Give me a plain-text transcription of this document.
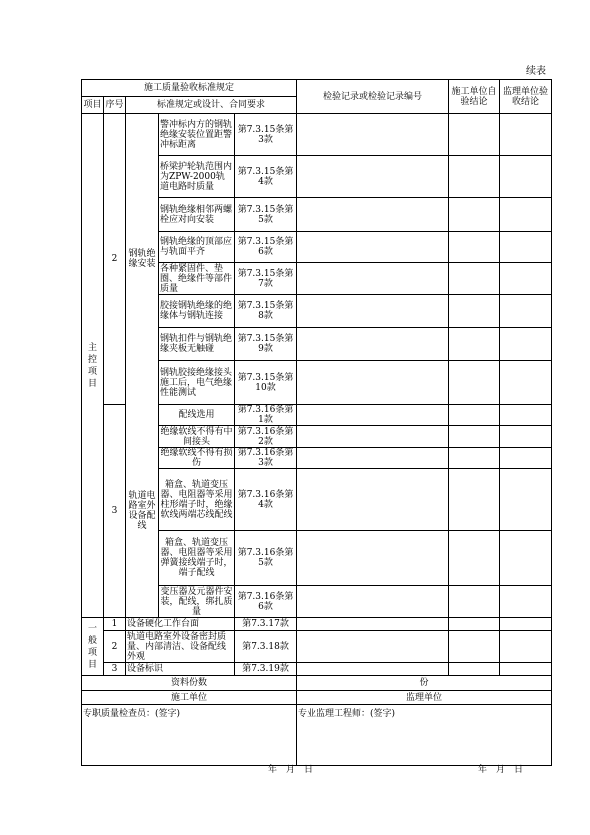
续表
施工质量验收标准规定					检验记录或检验记录编号	施工单位自验结论	监理单位验收结论
项目	序号	标准规定或设计、合同要求					
主控项目	2	钢轨绝缘安装	警冲标内方的钢轨绝缘安装位置距警冲标距离	第7.3.15条第3款			
			桥梁护轮轨范围内为ZPW-2000轨道电路时质量	第7.3.15条第4款			
			钢轨绝缘相邻两螺栓应对向安装	第7.3.15条第5款			
			钢轨绝缘的顶部应与轨面平齐	第7.3.15条第6款			
			各种紧固件、垫圈、绝缘件等部件质量	第7.3.15条第7款			
			胶接钢轨绝缘的绝缘体与钢轨连接	第7.3.15条第8款			
			钢轨扣件与钢轨绝缘夹板无触碰	第7.3.15条第9款			
			钢轨胶接绝缘接头施工后，电气绝缘性能测试	第7.3.15条第10款			
	3	轨道电路室外设备配线	配线选用	第7.3.16条第1款			
			绝缘软线不得有中间接头	第7.3.16条第2款			
			绝缘软线不得有损伤	第7.3.16条第3款			
			箱盒、轨道变压器、电阻器等采用柱形端子时，绝缘软线两端芯线配线	第7.3.16条第4款			
			箱盒、轨道变压器、电阻器等采用弹簧接线端子时，端子配线	第7.3.16条第5款			
			变压器及元器件安装，配线，绑扎质量	第7.3.16条第6款			
一般项目	1	设备硬化工作台面		第7.3.17款			
	2	轨道电路室外设备密封质量、内部清洁、设备配线外观		第7.3.18款			
	3	设备标识		第7.3.19款			
资料份数					份		
施工单位					监理单位		
专职质量检查员：(签字)					专业监理工程师：(签字)		
年　月　日	年　月　日
